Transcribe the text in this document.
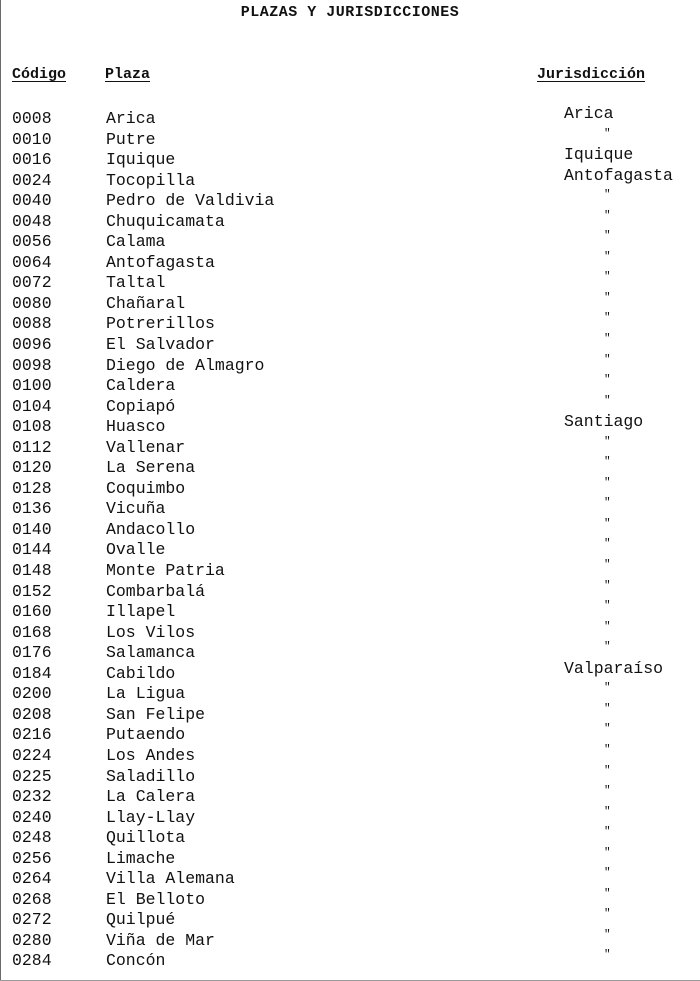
PLAZAS Y JURISDICCIONES
Código	Plaza	Jurisdicción
0008	Arica	Arica
0010	Putre	"
0016	Iquique	Iquique
0024	Tocopilla	Antofagasta
0040	Pedro de Valdivia	"
0048	Chuquicamata	"
0056	Calama	"
0064	Antofagasta	"
0072	Taltal	"
0080	Chañaral	"
0088	Potrerillos	"
0096	El Salvador	"
0098	Diego de Almagro	"
0100	Caldera	"
0104	Copiapó	"
0108	Huasco	Santiago
0112	Vallenar	"
0120	La Serena	"
0128	Coquimbo	"
0136	Vicuña	"
0140	Andacollo	"
0144	Ovalle	"
0148	Monte Patria	"
0152	Combarbalá	"
0160	Illapel	"
0168	Los Vilos	"
0176	Salamanca	"
0184	Cabildo	Valparaíso
0200	La Ligua	"
0208	San Felipe	"
0216	Putaendo	"
0224	Los Andes	"
0225	Saladillo	"
0232	La Calera	"
0240	Llay-Llay	"
0248	Quillota	"
0256	Limache	"
0264	Villa Alemana	"
0268	El Belloto	"
0272	Quilpué	"
0280	Viña de Mar	"
0284	Concón	"
